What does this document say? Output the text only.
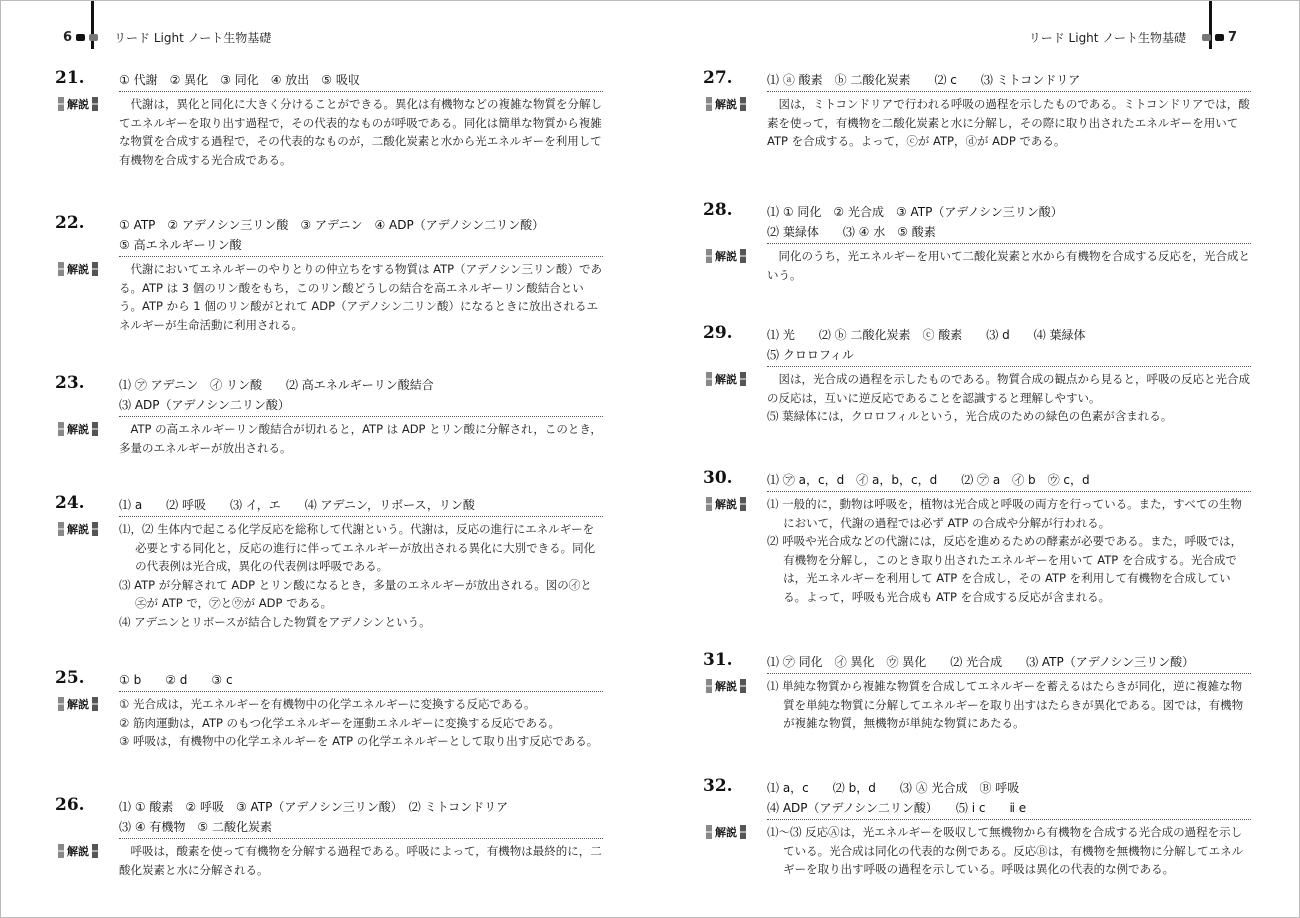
6	リード Light ノート生物基礎	リード Light ノート生物基礎	7
21.	① 代謝　② 異化　③ 同化　④ 放出　⑤ 吸収
解説	代謝は，異化と同化に大きく分けることができる。異化は有機物などの複雑な物質を分解してエネルギーを取り出す過程で，その代表的なものが呼吸である。同化は簡単な物質から複雑な物質を合成する過程で，その代表的なものが，二酸化炭素と水から光エネルギーを利用して有機物を合成する光合成である。

22.	① ATP　② アデノシン三リン酸　③ アデニン　④ ADP（アデノシン二リン酸）
⑤ 高エネルギーリン酸
解説	代謝においてエネルギーのやりとりの仲立ちをする物質は ATP（アデノシン三リン酸）である。ATP は 3 個のリン酸をもち，このリン酸どうしの結合を高エネルギーリン酸結合という。ATP から 1 個のリン酸がとれて ADP（アデノシン二リン酸）になるときに放出されるエネルギーが生命活動に利用される。

23.	⑴ ㋐ アデニン　㋑ リン酸　　⑵ 高エネルギーリン酸結合
⑶ ADP（アデノシン二リン酸）
解説	ATP の高エネルギーリン酸結合が切れると，ATP は ADP とリン酸に分解され，このとき，多量のエネルギーが放出される。

24.	⑴ a　　⑵ 呼吸　　⑶ イ，エ　　⑷ アデニン，リボース，リン酸
解説	⑴，⑵ 生体内で起こる化学反応を総称して代謝という。代謝は，反応の進行にエネルギーを必要とする同化と，反応の進行に伴ってエネルギーが放出される異化に大別できる。同化の代表例は光合成，異化の代表例は呼吸である。
⑶ ATP が分解されて ADP とリン酸になるとき，多量のエネルギーが放出される。図の㋑と㋓が ATP で，㋐と㋒が ADP である。
⑷ アデニンとリボースが結合した物質をアデノシンという。
25.	① b　　② d　　③ c
解説	① 光合成は，光エネルギーを有機物中の化学エネルギーに変換する反応である。
② 筋肉運動は，ATP のもつ化学エネルギーを運動エネルギーに変換する反応である。
③ 呼吸は，有機物中の化学エネルギーを ATP の化学エネルギーとして取り出す反応である。
26.	⑴ ① 酸素　② 呼吸　③ ATP（アデノシン三リン酸）　⑵ ミトコンドリア
⑶ ④ 有機物　⑤ 二酸化炭素
解説	呼吸は，酸素を使って有機物を分解する過程である。呼吸によって，有機物は最終的に，二酸化炭素と水に分解される。

27.	⑴ ⓐ 酸素　ⓑ 二酸化炭素　　⑵ c　　⑶ ミトコンドリア
解説	図は，ミトコンドリアで行われる呼吸の過程を示したものである。ミトコンドリアでは，酸素を使って，有機物を二酸化炭素と水に分解し，その際に取り出されたエネルギーを用いて ATP を合成する。よって，ⓒが ATP，ⓓが ADP である。

28.	⑴ ① 同化　② 光合成　③ ATP（アデノシン三リン酸）
⑵ 葉緑体　　⑶ ④ 水　⑤ 酸素
解説	同化のうち，光エネルギーを用いて二酸化炭素と水から有機物を合成する反応を，光合成という。

29.	⑴ 光　　⑵ ⓑ 二酸化炭素　ⓒ 酸素　　⑶ d　　⑷ 葉緑体
⑸ クロロフィル
解説	図は，光合成の過程を示したものである。物質合成の観点から見ると，呼吸の反応と光合成の反応は，互いに逆反応であることを認識すると理解しやすい。

⑸ 葉緑体には，クロロフィルという，光合成のための緑色の色素が含まれる。
30.	⑴ ㋐ a，c，d　㋑ a，b，c，d　　⑵ ㋐ a　㋑ b　㋒ c，d
解説	⑴ 一般的に，動物は呼吸を，植物は光合成と呼吸の両方を行っている。また，すべての生物において，代謝の過程では必ず ATP の合成や分解が行われる。
⑵ 呼吸や光合成などの代謝には，反応を進めるための酵素が必要である。また，呼吸では，有機物を分解し，このとき取り出されたエネルギーを用いて ATP を合成する。光合成では，光エネルギーを利用して ATP を合成し，その ATP を利用して有機物を合成している。よって，呼吸も光合成も ATP を合成する反応が含まれる。
31.	⑴ ㋐ 同化　㋑ 異化　㋒ 異化　　⑵ 光合成　　⑶ ATP（アデノシン三リン酸）
解説	⑴ 単純な物質から複雑な物質を合成してエネルギーを蓄えるはたらきが同化，逆に複雑な物質を単純な物質に分解してエネルギーを取り出すはたらきが異化である。図では，有機物が複雑な物質，無機物が単純な物質にあたる。
32.	⑴ a，c　　⑵ b，d　　⑶ Ⓐ 光合成　Ⓑ 呼吸
⑷ ADP（アデノシン二リン酸）　　⑸ ⅰ c　　ⅱ e
解説	⑴～⑶ 反応Ⓐは，光エネルギーを吸収して無機物から有機物を合成する光合成の過程を示している。光合成は同化の代表的な例である。反応Ⓑは，有機物を無機物に分解してエネルギーを取り出す呼吸の過程を示している。呼吸は異化の代表的な例である。
